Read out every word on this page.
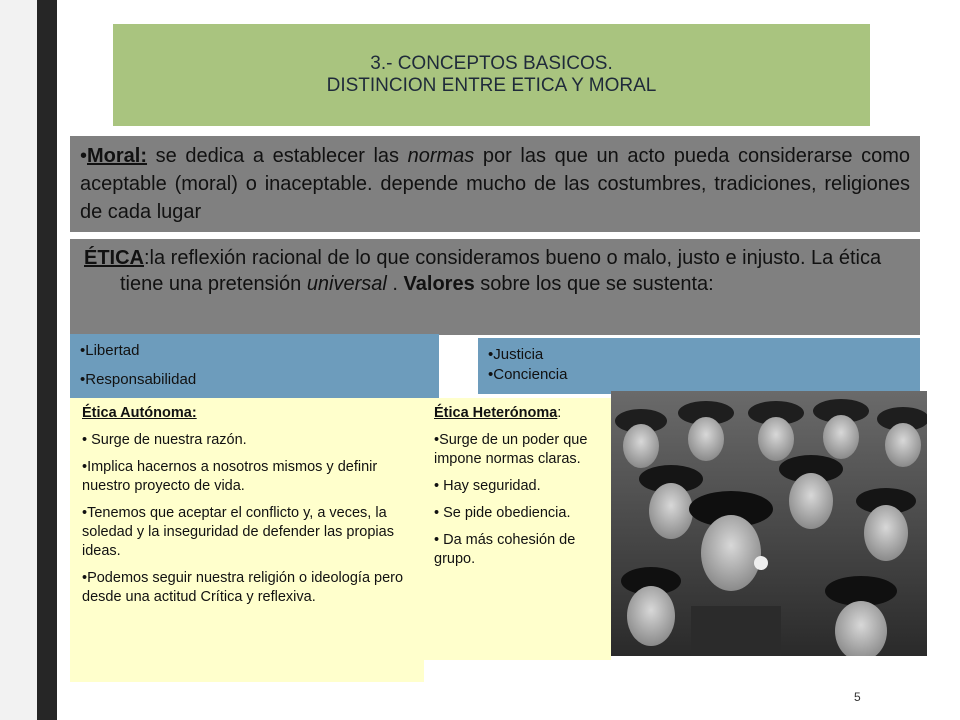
3.- CONCEPTOS BASICOS.
DISTINCION ENTRE ETICA Y MORAL
•Moral: se dedica a establecer las normas por las que un acto pueda considerarse como aceptable (moral) o inaceptable. depende mucho de las costumbres, tradiciones, religiones de cada lugar
ÉTICA:la reflexión racional de lo que consideramos bueno o malo, justo e injusto. La ética tiene una pretensión universal . Valores sobre los que se sustenta:
•Libertad
•Responsabilidad
•Justicia
•Conciencia

Ética Autónoma:

• Surge de nuestra razón.

•Implica hacernos a nosotros mismos y definir nuestro proyecto de vida.

•Tenemos que aceptar el conflicto y, a veces, la soledad y la inseguridad de defender las propias ideas.

•Podemos seguir nuestra religión o ideología pero desde una actitud Crítica y reflexiva.

Ética Heterónoma:

•Surge de un poder que impone normas claras.

• Hay seguridad.

• Se pide obediencia.

• Da más cohesión de grupo.

5
